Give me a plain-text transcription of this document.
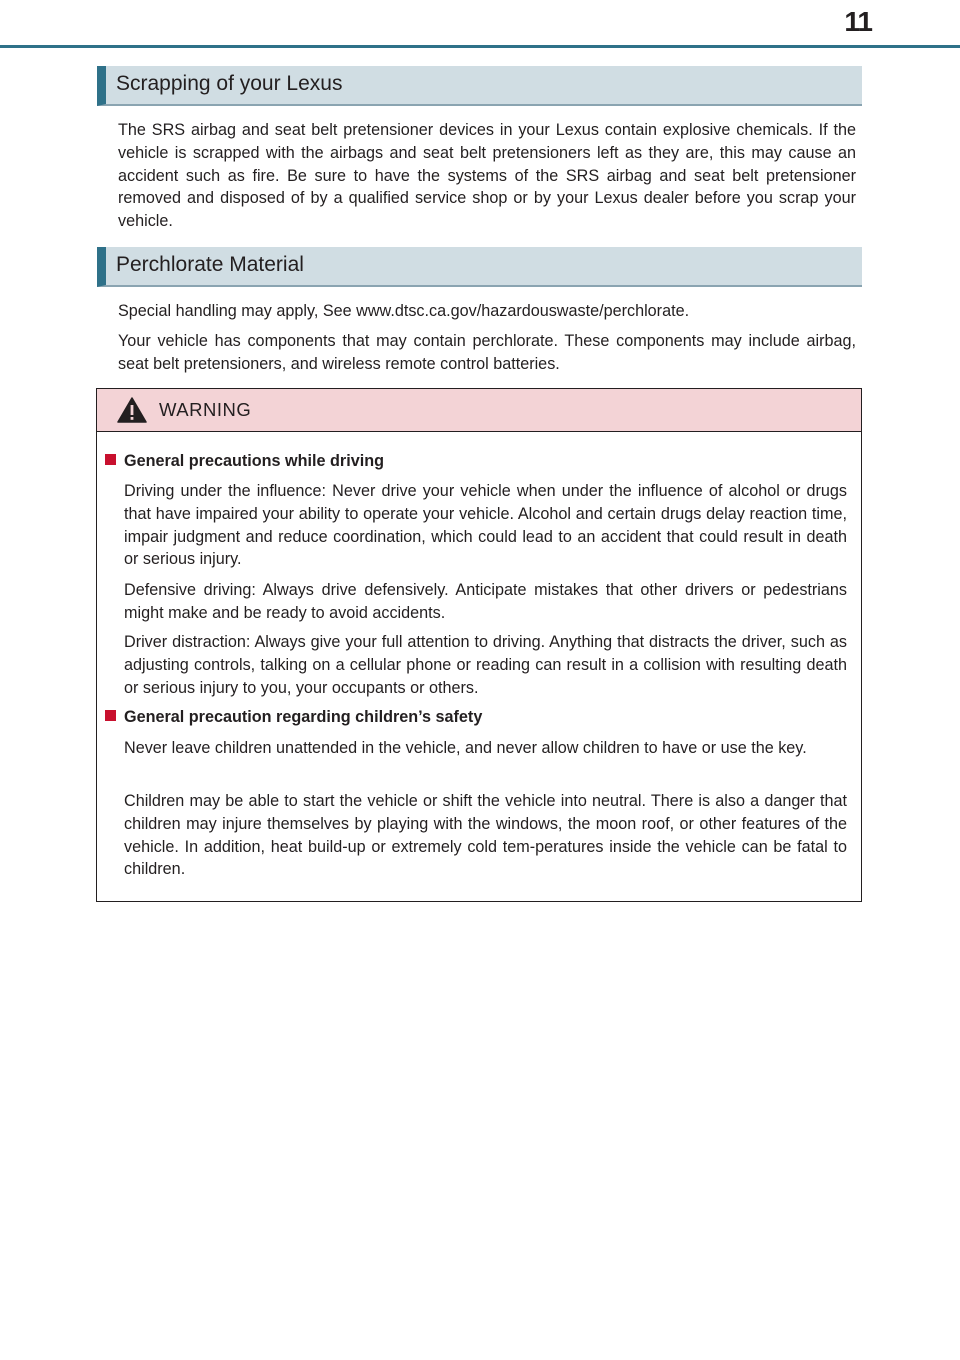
11
Scrapping of your Lexus

The SRS airbag and seat belt pretensioner devices in your Lexus contain explosive chemicals. If the vehicle is scrapped with the airbags and seat belt pretensioners left as they are, this may cause an accident such as fire. Be sure to have the systems of the SRS airbag and seat belt pretensioner removed and disposed of by a qualified service shop or by your Lexus dealer before you scrap your vehicle.

Perchlorate Material

Special handling may apply, See www.dtsc.ca.gov/hazardouswaste/perchlorate.

Your vehicle has components that may contain perchlorate. These components may include airbag, seat belt pretensioners, and wireless remote control batteries.

WARNING
General precautions while driving

Driving under the influence: Never drive your vehicle when under the influence of alcohol or drugs that have impaired your ability to operate your vehicle. Alcohol and certain drugs delay reaction time, impair judgment and reduce coordination, which could lead to an accident that could result in death or serious injury.

Defensive driving: Always drive defensively. Anticipate mistakes that other drivers or pedestrians might make and be ready to avoid accidents.

Driver distraction: Always give your full attention to driving. Anything that distracts the driver, such as adjusting controls, talking on a cellular phone or reading can result in a collision with resulting death or serious injury to you, your occupants or others.

General precaution regarding children’s safety

Never leave children unattended in the vehicle, and never allow children to have or use the key.

Children may be able to start the vehicle or shift the vehicle into neutral. There is also a danger that children may injure themselves by playing with the windows, the moon roof, or other features of the vehicle. In addition, heat build-up or extremely cold tem-peratures inside the vehicle can be fatal to children.
